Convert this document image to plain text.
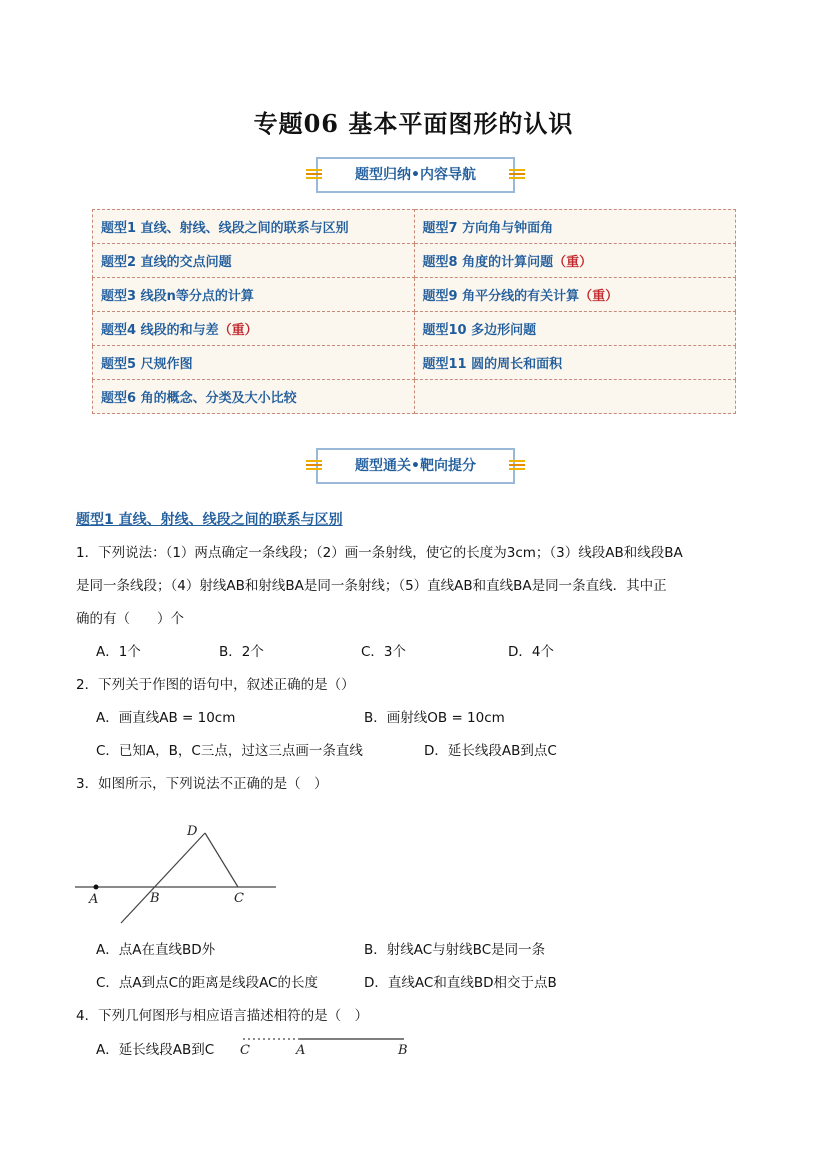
专题06 基本平面图形的认识
题型归纳•内容导航
题型1 直线、射线、线段之间的联系与区别	题型7 方向角与钟面角
题型2 直线的交点问题	题型8 角度的计算问题（重）
题型3 线段n等分点的计算	题型9 角平分线的有关计算（重）
题型4 线段的和与差（重）	题型10 多边形问题
题型5 尺规作图	题型11 圆的周长和面积
题型6 角的概念、分类及大小比较	
题型通关•靶向提分
题型1 直线、射线、线段之间的联系与区别
1．下列说法：（1）两点确定一条线段；（2）画一条射线，使它的长度为3cm；（3）线段AB和线段BA
是同一条线段；（4）射线AB和射线BA是同一条射线；（5）直线AB和直线BA是同一条直线．其中正
确的有（　　）个
A．1个	B．2个	C．3个	D．4个
2．下列关于作图的语句中，叙述正确的是（）
A．画直线AB = 10cm	B．画射线OB = 10cm
C．已知A，B，C三点，过这三点画一条直线	D．延长线段AB到点C
3．如图所示，下列说法不正确的是（　）
A	B	C
D
A．点A在直线BD外	B．射线AC与射线BC是同一条
C．点A到点C的距离是线段AC的长度	D．直线AC和直线BD相交于点B
4．下列几何图形与相应语言描述相符的是（　）
A．延长线段AB到C C	A	B
